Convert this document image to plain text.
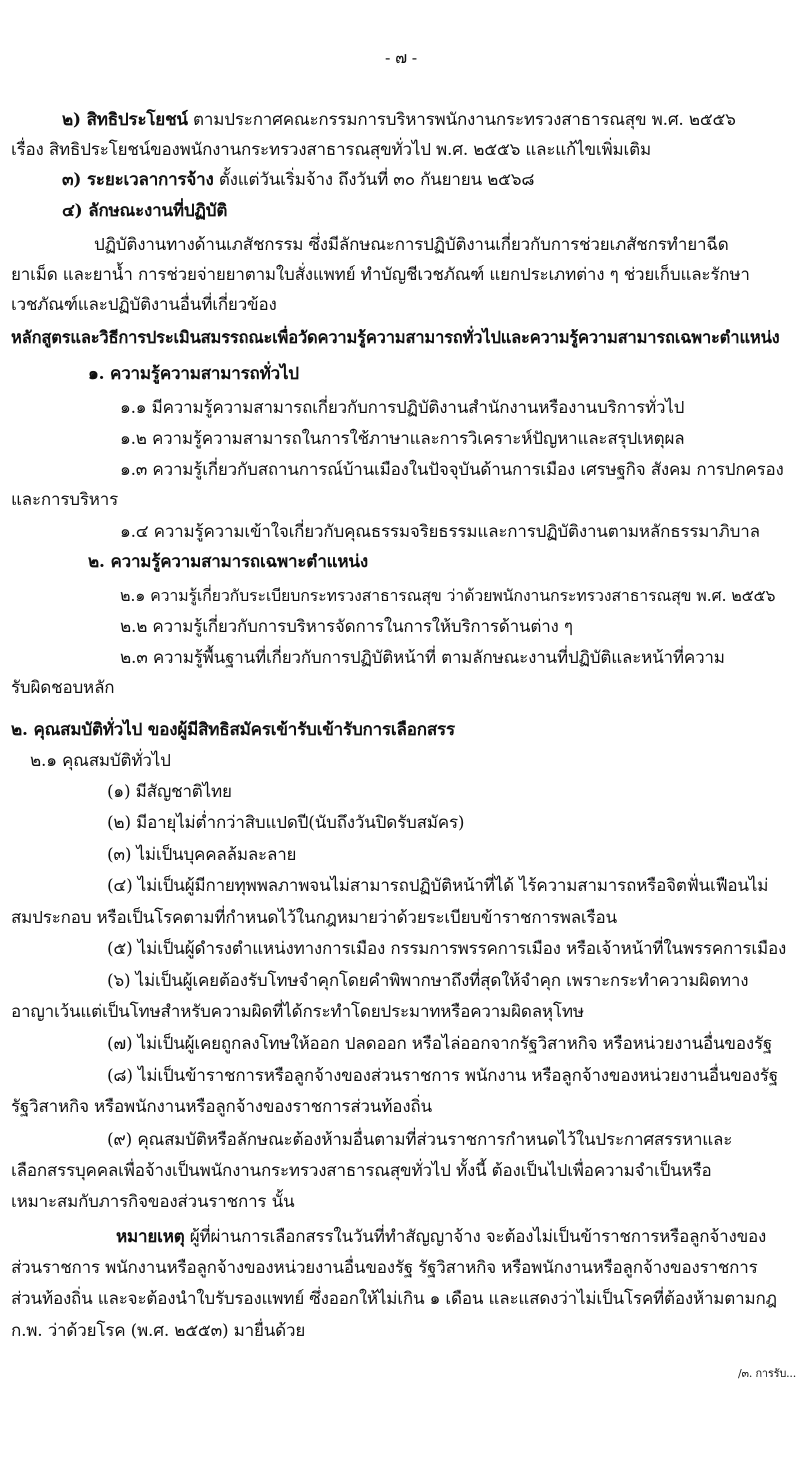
- ๗ -
๒) สิทธิประโยชน์ ตามประกาศคณะกรรมการบริหารพนักงานกระทรวงสาธารณสุข พ.ศ. ๒๕๕๖
เรื่อง สิทธิประโยชน์ของพนักงานกระทรวงสาธารณสุขทั่วไป พ.ศ. ๒๕๕๖ และแก้ไขเพิ่มเติม
๓) ระยะเวลาการจ้าง ตั้งแต่วันเริ่มจ้าง ถึงวันที่ ๓๐ กันยายน ๒๕๖๘
๔) ลักษณะงานที่ปฏิบัติ
ปฏิบัติงานทางด้านเภสัชกรรม ซึ่งมีลักษณะการปฏิบัติงานเกี่ยวกับการช่วยเภสัชกรทำยาฉีด
ยาเม็ด และยาน้ำ การช่วยจ่ายยาตามใบสั่งแพทย์ ทำบัญชีเวชภัณฑ์ แยกประเภทต่าง ๆ ช่วยเก็บและรักษา
เวชภัณฑ์และปฏิบัติงานอื่นที่เกี่ยวข้อง
หลักสูตรและวิธีการประเมินสมรรถณะเพื่อวัดความรู้ความสามารถทั่วไปและความรู้ความสามารถเฉพาะตำแหน่ง
๑. ความรู้ความสามารถทั่วไป
๑.๑ มีความรู้ความสามารถเกี่ยวกับการปฏิบัติงานสำนักงานหรืองานบริการทั่วไป
๑.๒ ความรู้ความสามารถในการใช้ภาษาและการวิเคราะห์ปัญหาและสรุปเหตุผล
๑.๓ ความรู้เกี่ยวกับสถานการณ์บ้านเมืองในปัจจุบันด้านการเมือง เศรษฐกิจ สังคม การปกครอง
และการบริหาร
๑.๔ ความรู้ความเข้าใจเกี่ยวกับคุณธรรมจริยธรรมและการปฏิบัติงานตามหลักธรรมาภิบาล
๒. ความรู้ความสามารถเฉพาะตำแหน่ง
๒.๑ ความรู้เกี่ยวกับระเบียบกระทรวงสาธารณสุข ว่าด้วยพนักงานกระทรวงสาธารณสุข พ.ศ. ๒๕๕๖
๒.๒ ความรู้เกี่ยวกับการบริหารจัดการในการให้บริการด้านต่าง ๆ
๒.๓ ความรู้พื้นฐานที่เกี่ยวกับการปฏิบัติหน้าที่ ตามลักษณะงานที่ปฏิบัติและหน้าที่ความ
รับผิดชอบหลัก
๒. คุณสมบัติทั่วไป ของผู้มีสิทธิสมัครเข้ารับเข้ารับการเลือกสรร
๒.๑ คุณสมบัติทั่วไป
(๑) มีสัญชาติไทย
(๒) มีอายุไม่ต่ำกว่าสิบแปดปี(นับถึงวันปิดรับสมัคร)
(๓) ไม่เป็นบุคคลล้มละลาย
(๔) ไม่เป็นผู้มีกายทุพพลภาพจนไม่สามารถปฏิบัติหน้าที่ได้ ไร้ความสามารถหรือจิตฟั่นเฟือนไม่
สมประกอบ หรือเป็นโรคตามที่กำหนดไว้ในกฎหมายว่าด้วยระเบียบข้าราชการพลเรือน
(๕) ไม่เป็นผู้ดำรงตำแหน่งทางการเมือง กรรมการพรรคการเมือง หรือเจ้าหน้าที่ในพรรคการเมือง
(๖) ไม่เป็นผู้เคยต้องรับโทษจำคุกโดยคำพิพากษาถึงที่สุดให้จำคุก เพราะกระทำความผิดทาง
อาญาเว้นแต่เป็นโทษสำหรับความผิดที่ได้กระทำโดยประมาทหรือความผิดลหุโทษ
(๗) ไม่เป็นผู้เคยถูกลงโทษให้ออก ปลดออก หรือไล่ออกจากรัฐวิสาหกิจ หรือหน่วยงานอื่นของรัฐ
(๘) ไม่เป็นข้าราชการหรือลูกจ้างของส่วนราชการ พนักงาน หรือลูกจ้างของหน่วยงานอื่นของรัฐ
รัฐวิสาหกิจ หรือพนักงานหรือลูกจ้างของราชการส่วนท้องถิ่น
(๙) คุณสมบัติหรือลักษณะต้องห้ามอื่นตามที่ส่วนราชการกำหนดไว้ในประกาศสรรหาและ
เลือกสรรบุคคลเพื่อจ้างเป็นพนักงานกระทรวงสาธารณสุขทั่วไป ทั้งนี้ ต้องเป็นไปเพื่อความจำเป็นหรือ
เหมาะสมกับภารกิจของส่วนราชการ นั้น
หมายเหตุ ผู้ที่ผ่านการเลือกสรรในวันที่ทำสัญญาจ้าง จะต้องไม่เป็นข้าราชการหรือลูกจ้างของ
ส่วนราชการ พนักงานหรือลูกจ้างของหน่วยงานอื่นของรัฐ รัฐวิสาหกิจ หรือพนักงานหรือลูกจ้างของราชการ
ส่วนท้องถิ่น และจะต้องนำใบรับรองแพทย์ ซึ่งออกให้ไม่เกิน ๑ เดือน และแสดงว่าไม่เป็นโรคที่ต้องห้ามตามกฎ
ก.พ. ว่าด้วยโรค (พ.ศ. ๒๕๕๓) มายื่นด้วย
/๓. การรับ...
